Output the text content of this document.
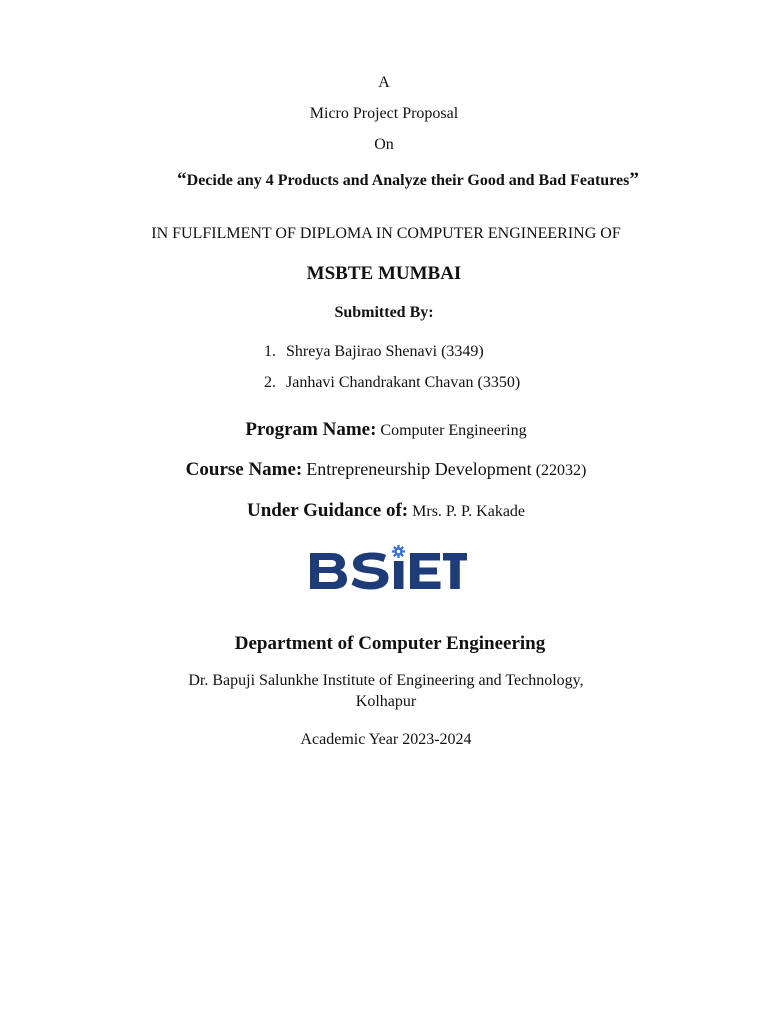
A
Micro Project Proposal
On
“Decide any 4 Products and Analyze their Good and Bad Features”
IN FULFILMENT OF DIPLOMA IN COMPUTER ENGINEERING OF
MSBTE MUMBAI
Submitted By:
1. Shreya Bajirao Shenavi (3349)
2. Janhavi Chandrakant Chavan (3350)
Program Name: Computer Engineering
Course Name: Entrepreneurship Development (22032)
Under Guidance of: Mrs. P. P. Kakade
Department of Computer Engineering
Dr. Bapuji Salunkhe Institute of Engineering and Technology,
Kolhapur
Academic Year 2023-2024
